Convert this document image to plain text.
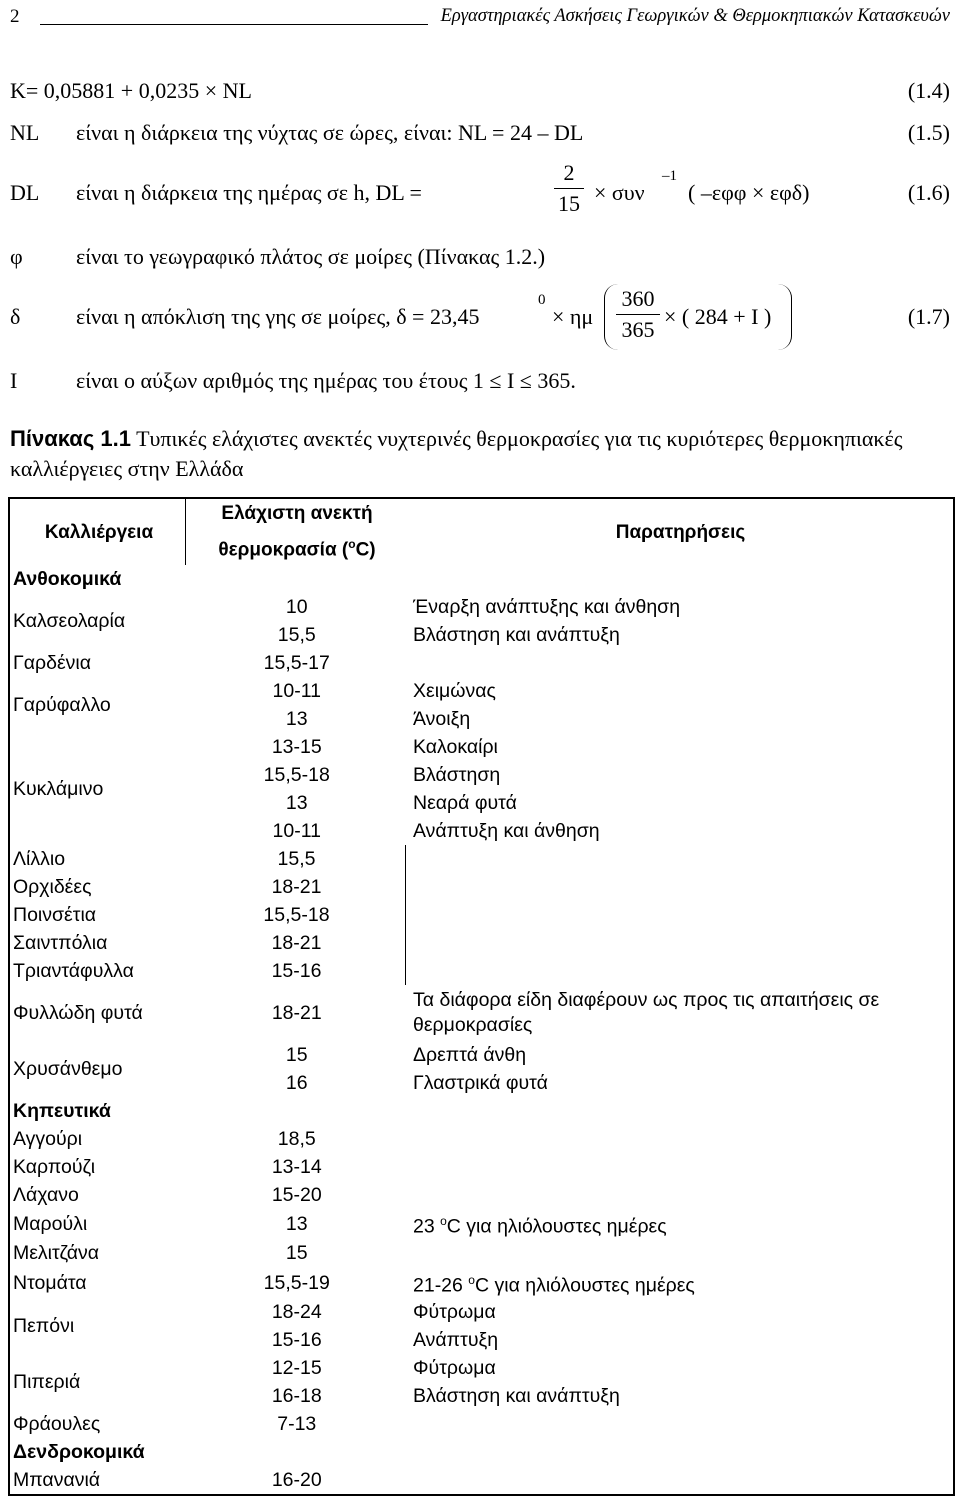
2	Εργαστηριακές Ασκήσεις Γεωργικών & Θερμοκηπιακών Κατασκευών
K= 0,05881 + 0,0235 × NL	(1.4)
NL είναι η διάρκεια της νύχτας σε ώρες, είναι: NL = 24 – DL	(1.5)
DL είναι η διάρκεια της ημέρας σε h, DL =
2
15 × συν
–1
( –εφφ × εφδ)	(1.6)
φ είναι το γεωγραφικό πλάτος σε μοίρες (Πίνακας 1.2.)
δ	είναι η απόκλιση της γης σε μοίρες, δ = 23,45
0
× ημ
360
365
× ( 284 + I )	(1.7)
I	είναι ο αύξων αριθμός της ημέρας του έτους 1 ≤ I ≤ 365.
Πίνακας 1.1 Τυπικές ελάχιστες ανεκτές νυχτερινές θερμοκρασίες για τις κυριότερες θερμοκηπιακές καλλιέργειες στην Ελλάδα
Καλλιέργεια	Ελάχιστη ανεκτή
θερμοκρασία ($^o$C)	Παρατηρήσεις
Ανθοκομικά		
Καλσεολαρία	10	Έναρξη ανάπτυξης και άνθηση
	15,5	Βλάστηση και ανάπτυξη
Γαρδένια	15,5-17	
Γαρύφαλλο	10-11	Χειμώνας
	13	Άνοιξη
Κυκλάμινο	13-15	Καλοκαίρι
	15,5-18	Βλάστηση
	13	Νεαρά φυτά
	10-11	Ανάπτυξη και άνθηση
Λίλλιο	15,5	
Ορχιδέες	18-21	
Ποινσέτια	15,5-18	
Σαιντπόλια	18-21	
Τριαντάφυλλα	15-16	
Φυλλώδη φυτά	18-21	Τα διάφορα είδη διαφέρουν ως προς τις απαιτήσεις σε
θερμοκρασίες
Χρυσάνθεμο	15	Δρεπτά άνθη
	16	Γλαστρικά φυτά
Κηπευτικά		
Αγγούρι	18,5	
Καρπούζι	13-14	
Λάχανο	15-20	
Μαρούλι	13	23 $^o$C για ηλιόλουστες ημέρες
Μελιτζάνα	15	
Ντομάτα	15,5-19	21-26 $^o$C για ηλιόλουστες ημέρες
Πεπόνι	18-24	Φύτρωμα
	15-16	Ανάπτυξη
Πιπεριά	12-15	Φύτρωμα
	16-18	Βλάστηση και ανάπτυξη
Φράουλες	7-13	
Δενδροκομικά		
Μπανανιά	16-20	
